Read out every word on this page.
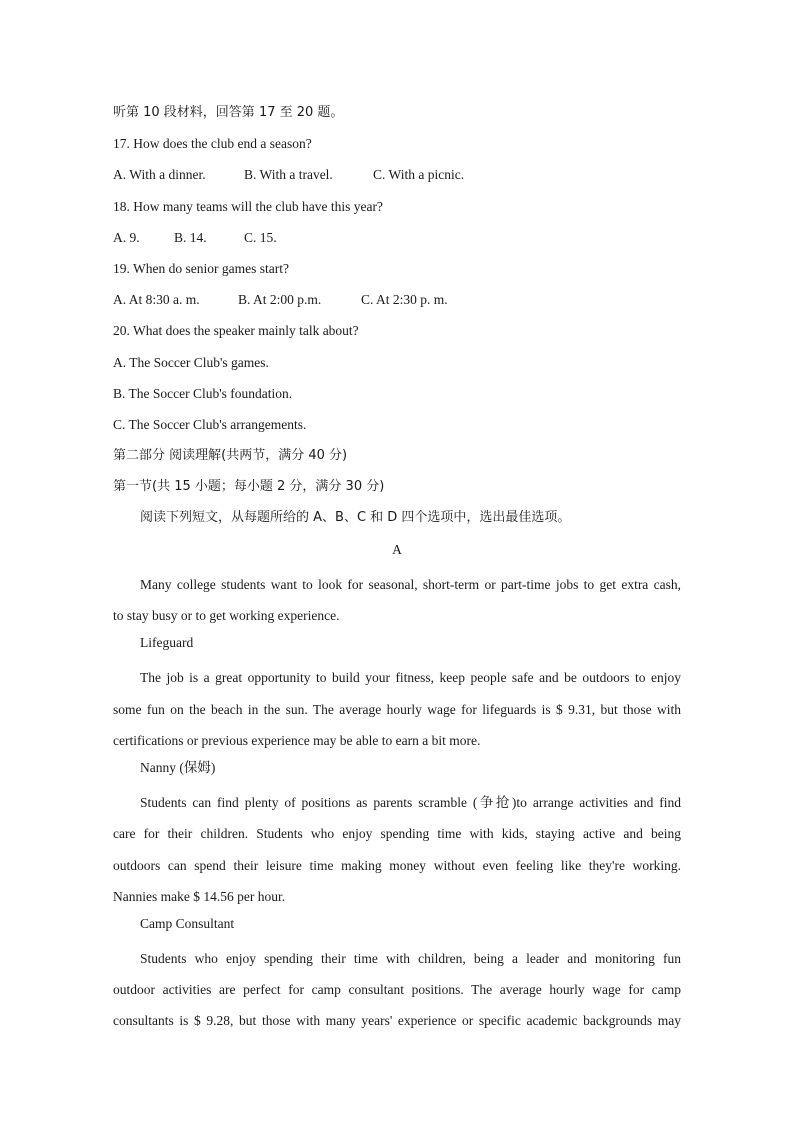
听第 10 段材料，回答第 17 至 20 题。
17. How does the club end a season?
A. With a dinner.	B. With a travel.	C. With a picnic.
18. How many teams will the club have this year?
A. 9.	B. 14.	C. 15.
19. When do senior games start?
A. At 8:30 a. m.	B. At 2:00 p.m.	C. At 2:30 p. m.
20. What does the speaker mainly talk about?
A. The Soccer Club's games.
B. The Soccer Club's foundation.
C. The Soccer Club's arrangements.
第二部分 阅读理解(共两节，满分 40 分)
第一节(共 15 小题；每小题 2 分，满分 30 分)
阅读下列短文，从每题所给的 A、B、C 和 D 四个选项中，选出最佳选项。
A
Many college students want to look for seasonal, short-term or part-time jobs to get extra cash,
to stay busy or to get working experience.
Lifeguard
The job is a great opportunity to build your fitness, keep people safe and be outdoors to enjoy
some fun on the beach in the sun. The average hourly wage for lifeguards is $ 9.31, but those with
certifications or previous experience may be able to earn a bit more.
Nanny (保姆)
Students can find plenty of positions as parents scramble (争抢)to arrange activities and find
care for their children. Students who enjoy spending time with kids, staying active and being
outdoors can spend their leisure time making money without even feeling like they're working.
Nannies make $ 14.56 per hour.
Camp Consultant
Students who enjoy spending their time with children, being a leader and monitoring fun
outdoor activities are perfect for camp consultant positions. The average hourly wage for camp
consultants is $ 9.28, but those with many years' experience or specific academic backgrounds may
